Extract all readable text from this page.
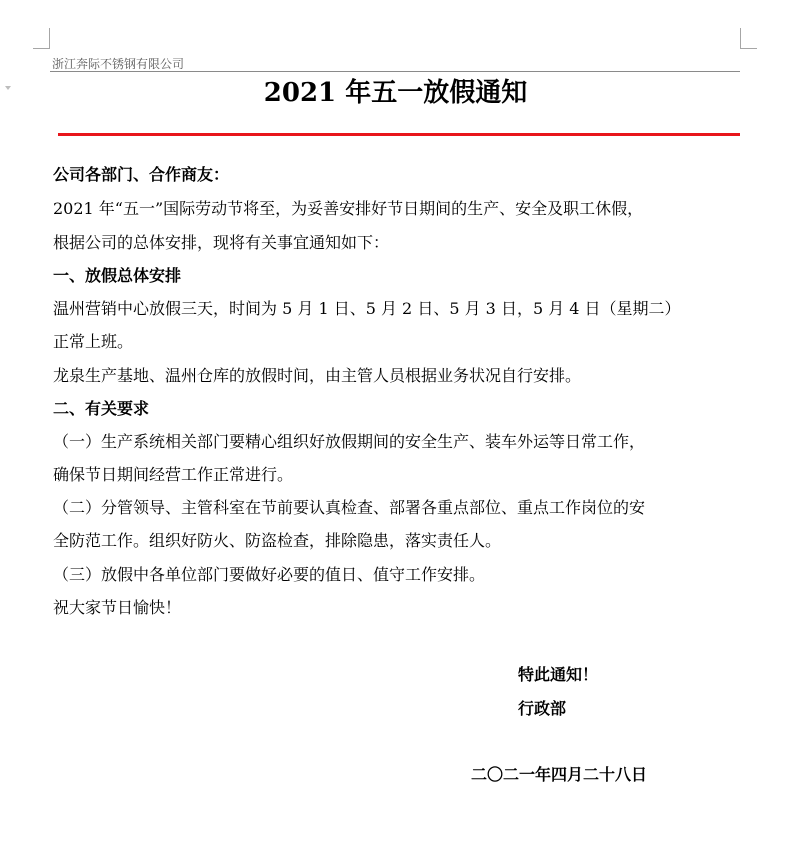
浙江奔际不锈钢有限公司
2021 年五一放假通知
公司各部门、合作商友：
2021 年“五一”国际劳动节将至，为妥善安排好节日期间的生产、安全及职工休假，
根据公司的总体安排，现将有关事宜通知如下：
一、放假总体安排
温州营销中心放假三天，时间为 5 月 1 日、5 月 2 日、5 月 3 日，5 月 4 日（星期二）
正常上班。
龙泉生产基地、温州仓库的放假时间，由主管人员根据业务状况自行安排。
二、有关要求
（一）生产系统相关部门要精心组织好放假期间的安全生产、装车外运等日常工作，
确保节日期间经营工作正常进行。
（二）分管领导、主管科室在节前要认真检查、部署各重点部位、重点工作岗位的安
全防范工作。组织好防火、防盗检查，排除隐患，落实责任人。
（三）放假中各单位部门要做好必要的值日、值守工作安排。
祝大家节日愉快！
特此通知！
行政部
二〇二一年四月二十八日
